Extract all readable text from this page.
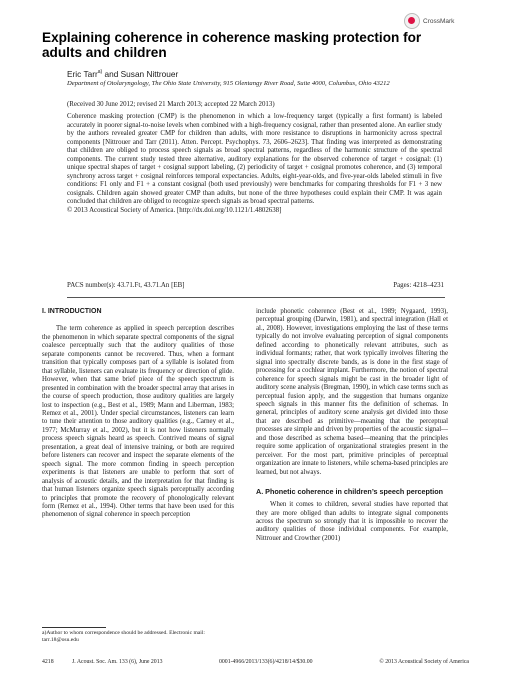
CrossMark
Explaining coherence in coherence masking protection for adults and children
Eric Tarr$^{a)}$ and Susan Nittrouer
Department of Otolaryngology, The Ohio State University, 915 Olentangy River Road, Suite 4000, Columbus, Ohio 43212
(Received 30 June 2012; revised 21 March 2013; accepted 22 March 2013)
Coherence masking protection (CMP) is the phenomenon in which a low-frequency target (typically a first formant) is labeled accurately in poorer signal-to-noise levels when combined with a high-frequency cosignal, rather than presented alone. An earlier study by the authors revealed greater CMP for children than adults, with more resistance to disruptions in harmonicity across spectral components [Nittrouer and Tarr (2011). Atten. Percept. Psychophys. 73, 2606–2623]. That finding was interpreted as demonstrating that children are obliged to process speech signals as broad spectral patterns, regardless of the harmonic structure of the spectral components. The current study tested three alternative, auditory explanations for the observed coherence of target + cosignal: (1) unique spectral shapes of target + cosignal support labeling, (2) periodicity of target + cosignal promotes coherence, and (3) temporal synchrony across target + cosignal reinforces temporal expectancies. Adults, eight-year-olds, and five-year-olds labeled stimuli in five conditions: F1 only and F1 + a constant cosignal (both used previously) were benchmarks for comparing thresholds for F1 + 3 new cosignals. Children again showed greater CMP than adults, but none of the three hypotheses could explain their CMP. It was again concluded that children are obliged to recognize speech signals as broad spectral patterns.
© 2013 Acoustical Society of America. [http://dx.doi.org/10.1121/1.4802638]
PACS number(s): 43.71.Ft, 43.71.An [EB]	Pages: 4218–4231
I. INTRODUCTION

The term coherence as applied in speech perception describes the phenomenon in which separate spectral components of the signal coalesce perceptually such that the auditory qualities of those separate components cannot be recovered. Thus, when a formant transition that typically composes part of a syllable is isolated from that syllable, listeners can evaluate its frequency or direction of glide. However, when that same brief piece of the speech spectrum is presented in combination with the broader spectral array that arises in the course of speech production, those auditory qualities are largely lost to inspection (e.g., Best et al., 1989; Mann and Liberman, 1983; Remez et al., 2001). Under special circumstances, listeners can learn to tune their attention to those auditory qualities (e.g., Carney et al., 1977; McMurray et al., 2002), but it is not how listeners normally process speech signals heard as speech. Contrived means of signal presentation, a great deal of intensive training, or both are required before listeners can recover and inspect the separate elements of the speech signal. The more common finding in speech perception experiments is that listeners are unable to perform that sort of analysis of acoustic details, and the interpretation for that finding is that human listeners organize speech signals perceptually according to principles that promote the recovery of phonologically relevant form (Remez et al., 1994). Other terms that have been used for this phenomenon of signal coherence in speech perception

include phonetic coherence (Best et al., 1989; Nygaard, 1993), perceptual grouping (Darwin, 1981), and spectral integration (Hall et al., 2008). However, investigations employing the last of these terms typically do not involve evaluating perception of signal components defined according to phonetically relevant attributes, such as individual formants; rather, that work typically involves filtering the signal into spectrally discrete bands, as is done in the first stage of processing for a cochlear implant. Furthermore, the notion of spectral coherence for speech signals might be cast in the broader light of auditory scene analysis (Bregman, 1990), in which case terms such as perceptual fusion apply, and the suggestion that humans organize speech signals in this manner fits the definition of schemas. In general, principles of auditory scene analysis get divided into those that are described as primitive—meaning that the perceptual processes are simple and driven by properties of the acoustic signal—and those described as schema based—meaning that the principles require some application of organizational strategies present in the perceiver. For the most part, primitive principles of perceptual organization are innate to listeners, while schema-based principles are learned, but not always.

A. Phonetic coherence in children’s speech perception

When it comes to children, several studies have reported that they are more obliged than adults to integrate signal components across the spectrum so strongly that it is impossible to recover the auditory qualities of those individual components. For example, Nittrouer and Crowther (2001)

a)Author to whom correspondence should be addressed. Electronic mail: tarr.18@osu.edu
4218	J. Acoust. Soc. Am. 133 (6), June 2013	0001-4966/2013/133(6)/4218/14/$30.00	© 2013 Acoustical Society of America
